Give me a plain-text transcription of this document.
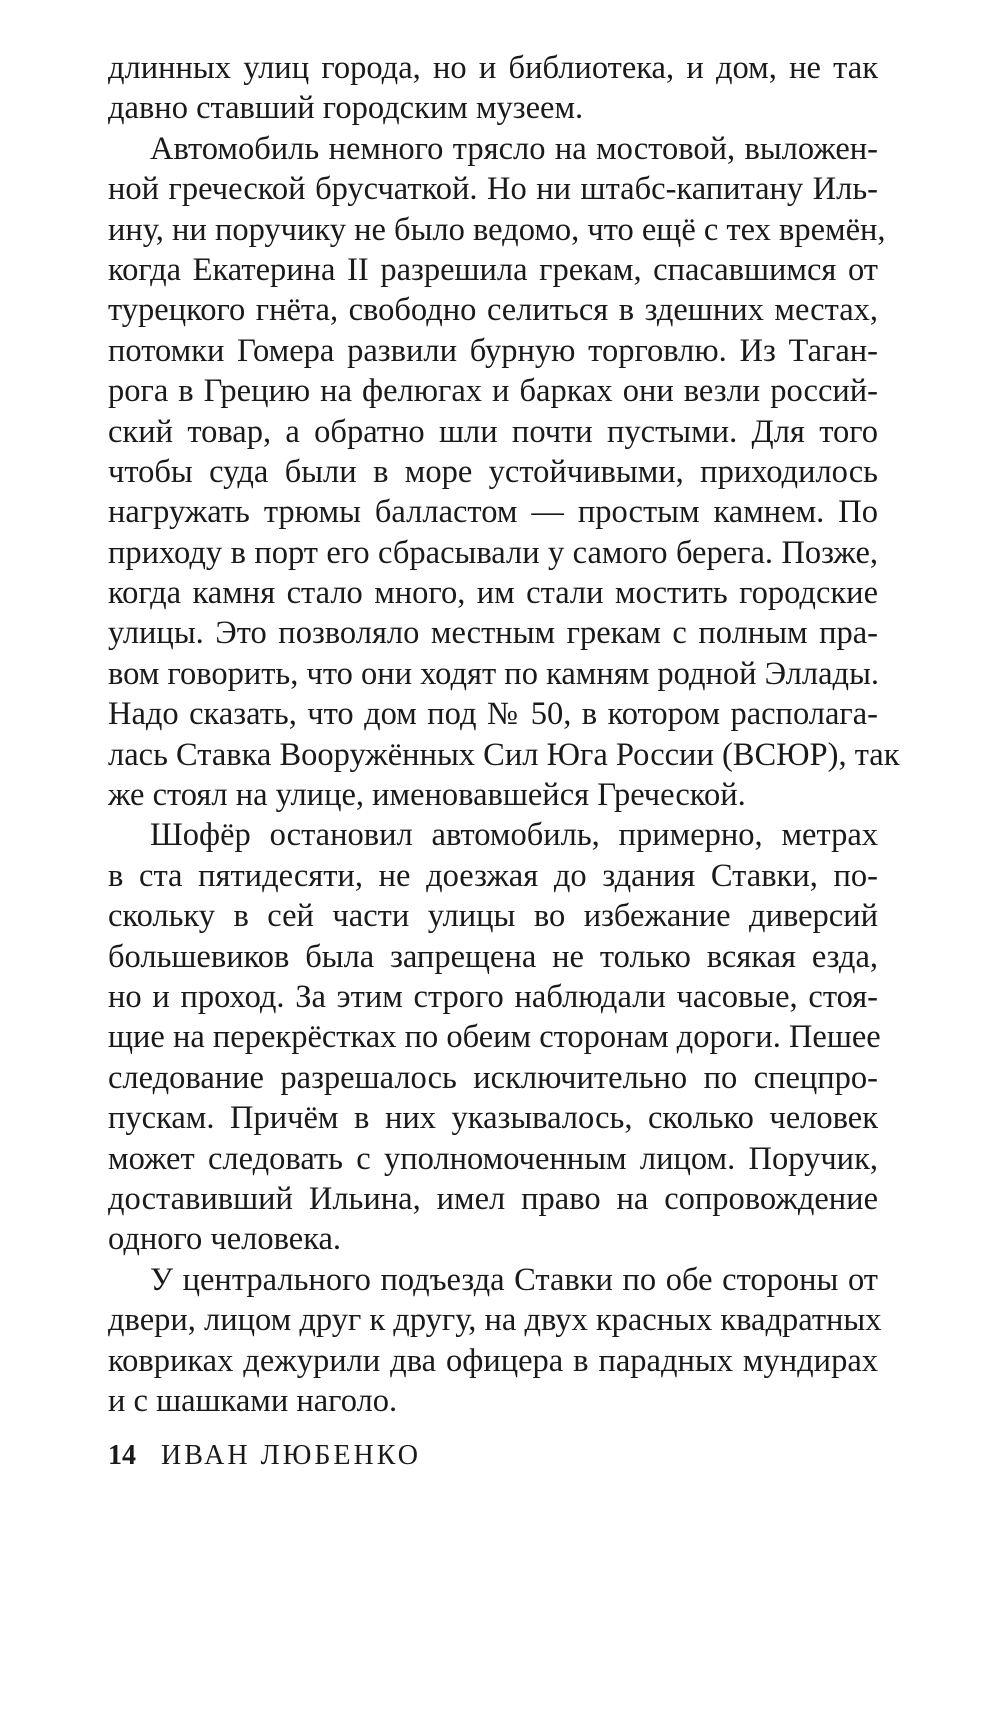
длинных улиц города, но и библиотека, и дом, не так
давно ставший городским музеем.
Автомобиль немного трясло на мостовой, выложен-
ной греческой брусчаткой. Но ни штабс-капитану Иль-
ину, ни поручику не было ведомо, что ещё с тех времён,
когда Екатерина II разрешила грекам, спасавшимся от
турецкого гнёта, свободно селиться в здешних местах,
потомки Гомера развили бурную торговлю. Из Таган-
рога в Грецию на фелюгах и барках они везли россий-
ский товар, а обратно шли почти пустыми. Для того
чтобы суда были в море устойчивыми, приходилось
нагружать трюмы балластом — простым камнем. По
приходу в порт его сбрасывали у самого берега. Позже,
когда камня стало много, им стали мостить городские
улицы. Это позволяло местным грекам с полным пра-
вом говорить, что они ходят по камням родной Эллады.
Надо сказать, что дом под № 50, в котором располага-
лась Ставка Вооружённых Сил Юга России (ВСЮР), так
же стоял на улице, именовавшейся Греческой.
Шофёр остановил автомобиль, примерно, метрах
в ста пятидесяти, не доезжая до здания Ставки, по-
скольку в сей части улицы во избежание диверсий
большевиков была запрещена не только всякая езда,
но и проход. За этим строго наблюдали часовые, стоя-
щие на перекрёстках по обеим сторонам дороги. Пешее
следование разрешалось исключительно по спецпро-
пускам. Причём в них указывалось, сколько человек
может следовать с уполномоченным лицом. Поручик,
доставивший Ильина, имел право на сопровождение
одного человека.
У центрального подъезда Ставки по обе стороны от
двери, лицом друг к другу, на двух красных квадратных
ковриках дежурили два офицера в парадных мундирах
и с шашками наголо.
14 ИВАН ЛЮБЕНКО
